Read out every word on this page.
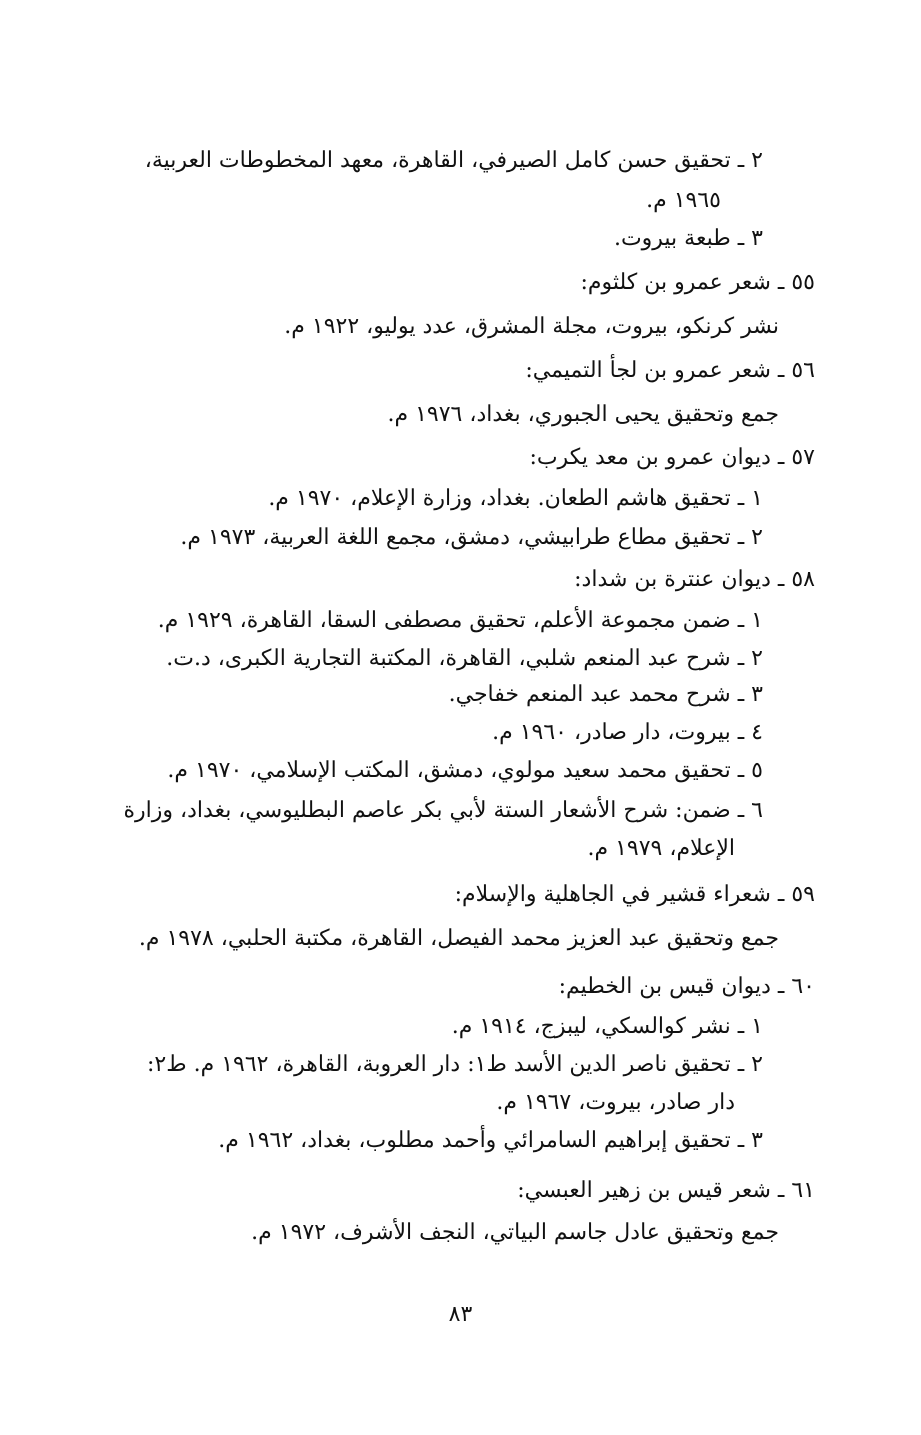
٢ ـ تحقيق حسن كامل الصيرفي، القاهرة، معهد المخطوطات العربية،
١٩٦٥ م.
٣ ـ طبعة بيروت.
٥٥ ـ شعر عمرو بن كلثوم:
نشر كرنكو، بيروت، مجلة المشرق، عدد يوليو، ١٩٢٢ م.
٥٦ ـ شعر عمرو بن لجأ التميمي:
جمع وتحقيق يحيى الجبوري، بغداد، ١٩٧٦ م.
٥٧ ـ ديوان عمرو بن معد يكرب:
١ ـ تحقيق هاشم الطعان. بغداد، وزارة الإعلام، ١٩٧٠ م.
٢ ـ تحقيق مطاع طرابيشي، دمشق، مجمع اللغة العربية، ١٩٧٣ م.
٥٨ ـ ديوان عنترة بن شداد:
١ ـ ضمن مجموعة الأعلم، تحقيق مصطفى السقا، القاهرة، ١٩٢٩ م.
٢ ـ شرح عبد المنعم شلبي، القاهرة، المكتبة التجارية الكبرى، د.ت.
٣ ـ شرح محمد عبد المنعم خفاجي.
٤ ـ بيروت، دار صادر، ١٩٦٠ م.
٥ ـ تحقيق محمد سعيد مولوي، دمشق، المكتب الإسلامي، ١٩٧٠ م.
٦ ـ ضمن: شرح الأشعار الستة لأبي بكر عاصم البطليوسي، بغداد، وزارة
الإعلام، ١٩٧٩ م.
٥٩ ـ شعراء قشير في الجاهلية والإسلام:
جمع وتحقيق عبد العزيز محمد الفيصل، القاهرة، مكتبة الحلبي، ١٩٧٨ م.
٦٠ ـ ديوان قيس بن الخطيم:
١ ـ نشر كوالسكي، ليبزج، ١٩١٤ م.
٢ ـ تحقيق ناصر الدين الأسد ط١: دار العروبة، القاهرة، ١٩٦٢ م. ط٢:
دار صادر، بيروت، ١٩٦٧ م.
٣ ـ تحقيق إبراهيم السامرائي وأحمد مطلوب، بغداد، ١٩٦٢ م.
٦١ ـ شعر قيس بن زهير العبسي:
جمع وتحقيق عادل جاسم البياتي، النجف الأشرف، ١٩٧٢ م.
٨٣
